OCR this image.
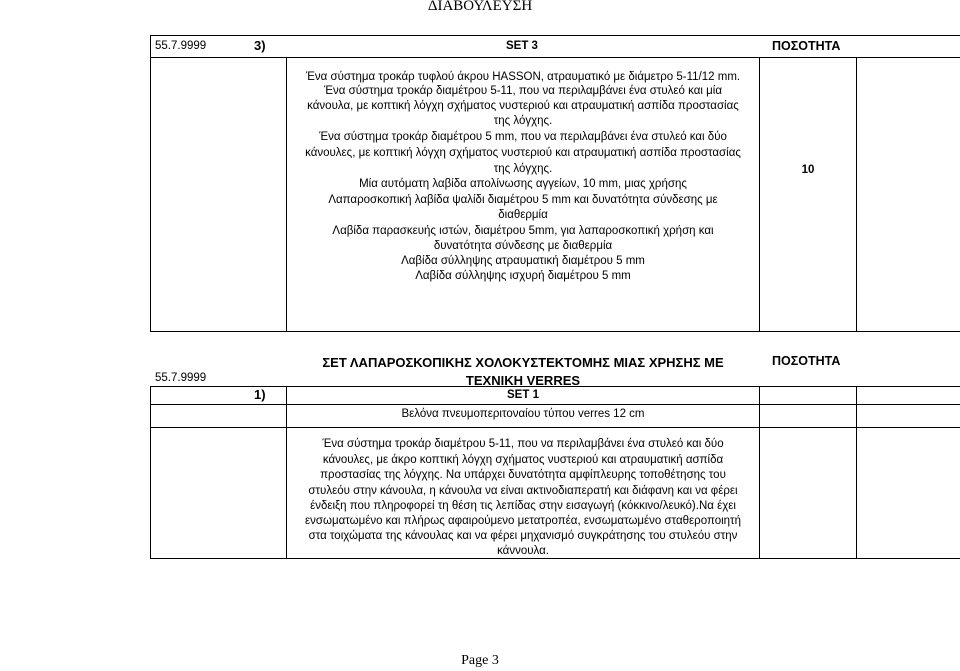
ΔΙΑΒΟΥΛΕΥΣΗ
55.7.9999	3)	SET 3	ΠΟΣΟΤΗΤΑ
Ένα σύστημα τροκάρ τυφλού άκρου HASSON, ατραυματικό με διάμετρο 5-11/12 mm.
Ένα σύστημα τροκάρ διαμέτρου 5-11, που να περιλαμβάνει ένα στυλεό και μία
κάνουλα, με κοπτική λόγχη σχήματος νυστεριού και ατραυματική ασπίδα προστασίας
της λόγχης.
Ένα σύστημα τροκάρ διαμέτρου 5 mm, που να περιλαμβάνει ένα στυλεό και δύο
κάνουλες, με κοπτική λόγχη σχήματος νυστεριού και ατραυματική ασπίδα προστασίας
της λόγχης.
Μία αυτόματη λαβίδα απολίνωσης αγγείων, 10 mm, μιας χρήσης
Λαπαροσκοπική λαβίδα ψαλίδι διαμέτρου 5 mm και δυνατότητα σύνδεσης με
διαθερμία
Λαβίδα παρασκευής ιστών, διαμέτρου 5mm, για λαπαροσκοπική χρήση και
δυνατότητα σύνδεσης με διαθερμία
Λαβίδα σύλληψης ατραυματική διαμέτρου 5 mm
Λαβίδα σύλληψης ισχυρή διαμέτρου 5 mm
10
55.7.9999
ΣΕΤ ΛΑΠΑΡΟΣΚΟΠΙΚΗΣ ΧΟΛΟΚΥΣΤΕΚΤΟΜΗΣ ΜΙΑΣ ΧΡΗΣΗΣ ΜΕ
ΤΕΧΝΙΚΗ VERRES
ΠΟΣΟΤΗΤΑ
1)	SET 1
Βελόνα πνευμοπεριτοναίου τύπου verres 12 cm
Ένα σύστημα τροκάρ διαμέτρου 5-11, που να περιλαμβάνει ένα στυλεό και δύο
κάνουλες, με άκρο κοπτική λόγχη σχήματος νυστεριού και ατραυματική ασπίδα
προστασίας της λόγχης. Να υπάρχει δυνατότητα αμφίπλευρης τοποθέτησης του
στυλεόυ στην κάνουλα, η κάνουλα να είναι ακτινοδιαπερατή και διάφανη και να φέρει
ένδειξη που πληροφορεί τη θέση τις λεπίδας στην εισαγωγή (κόκκινο/λευκό).Να έχει
ενσωματωμένο και πλήρως αφαιρούμενο μετατροπέα, ενσωματωμένο σταθεροποιητή
στα τοιχώματα της κάνουλας και να φέρει μηχανισμό συγκράτησης του στυλεόυ στην
κάννουλα.
Page 3
